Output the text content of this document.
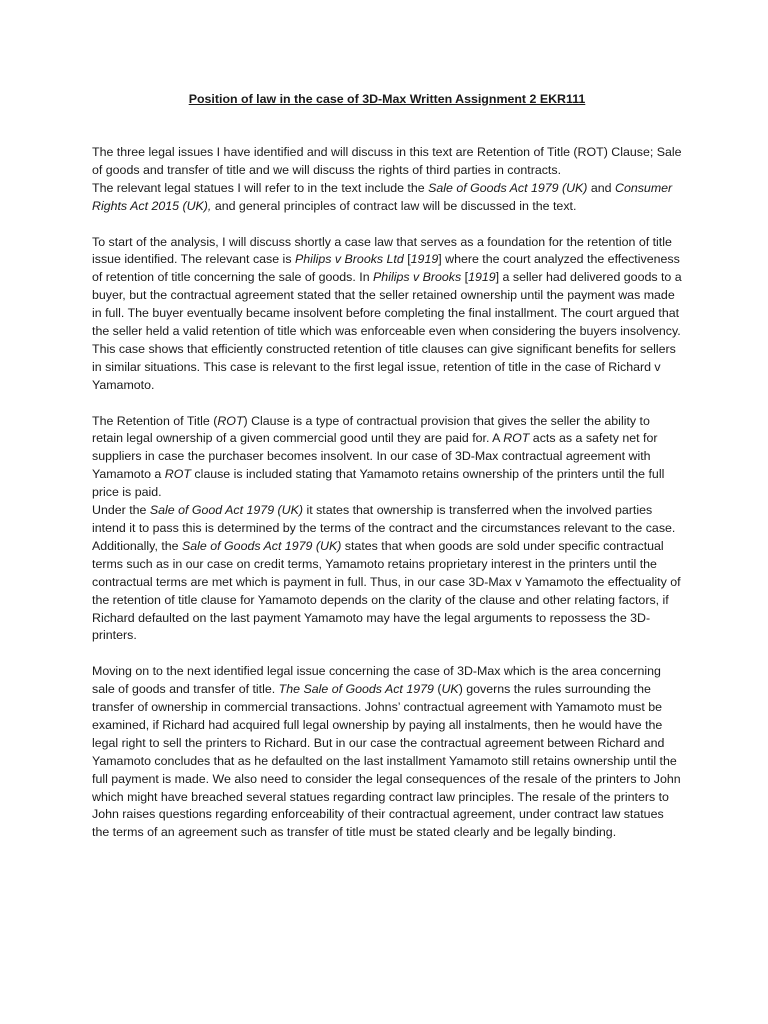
Position of law in the case of 3D-Max Written Assignment 2 EKR111

The three legal issues I have identified and will discuss in this text are Retention of Title (ROT) Clause; Sale of goods and transfer of title and we will discuss the rights of third parties in contracts.

The relevant legal statues I will refer to in the text include the Sale of Goods Act 1979 (UK) and Consumer Rights Act 2015 (UK), and general principles of contract law will be discussed in the text.

To start of the analysis, I will discuss shortly a case law that serves as a foundation for the retention of title issue identified. The relevant case is Philips v Brooks Ltd [1919] where the court analyzed the effectiveness of retention of title concerning the sale of goods. In Philips v Brooks [1919] a seller had delivered goods to a buyer, but the contractual agreement stated that the seller retained ownership until the payment was made in full. The buyer eventually became insolvent before completing the final installment. The court argued that the seller held a valid retention of title which was enforceable even when considering the buyers insolvency. This case shows that efficiently constructed retention of title clauses can give significant benefits for sellers in similar situations. This case is relevant to the first legal issue, retention of title in the case of Richard v Yamamoto.

The Retention of Title (ROT) Clause is a type of contractual provision that gives the seller the ability to retain legal ownership of a given commercial good until they are paid for. A ROT acts as a safety net for suppliers in case the purchaser becomes insolvent. In our case of 3D-Max contractual agreement with Yamamoto a ROT clause is included stating that Yamamoto retains ownership of the printers until the full price is paid.

Under the Sale of Good Act 1979 (UK) it states that ownership is transferred when the involved parties intend it to pass this is determined by the terms of the contract and the circumstances relevant to the case. Additionally, the Sale of Goods Act 1979 (UK) states that when goods are sold under specific contractual terms such as in our case on credit terms, Yamamoto retains proprietary interest in the printers until the contractual terms are met which is payment in full. Thus, in our case 3D-Max v Yamamoto the effectuality of the retention of title clause for Yamamoto depends on the clarity of the clause and other relating factors, if Richard defaulted on the last payment Yamamoto may have the legal arguments to repossess the 3D-printers.

Moving on to the next identified legal issue concerning the case of 3D-Max which is the area concerning sale of goods and transfer of title. The Sale of Goods Act 1979 (UK) governs the rules surrounding the transfer of ownership in commercial transactions. Johns’ contractual agreement with Yamamoto must be examined, if Richard had acquired full legal ownership by paying all instalments, then he would have the legal right to sell the printers to Richard. But in our case the contractual agreement between Richard and Yamamoto concludes that as he defaulted on the last installment Yamamoto still retains ownership until the full payment is made. We also need to consider the legal consequences of the resale of the printers to John which might have breached several statues regarding contract law principles. The resale of the printers to John raises questions regarding enforceability of their contractual agreement, under contract law statues the terms of an agreement such as transfer of title must be stated clearly and be legally binding.
